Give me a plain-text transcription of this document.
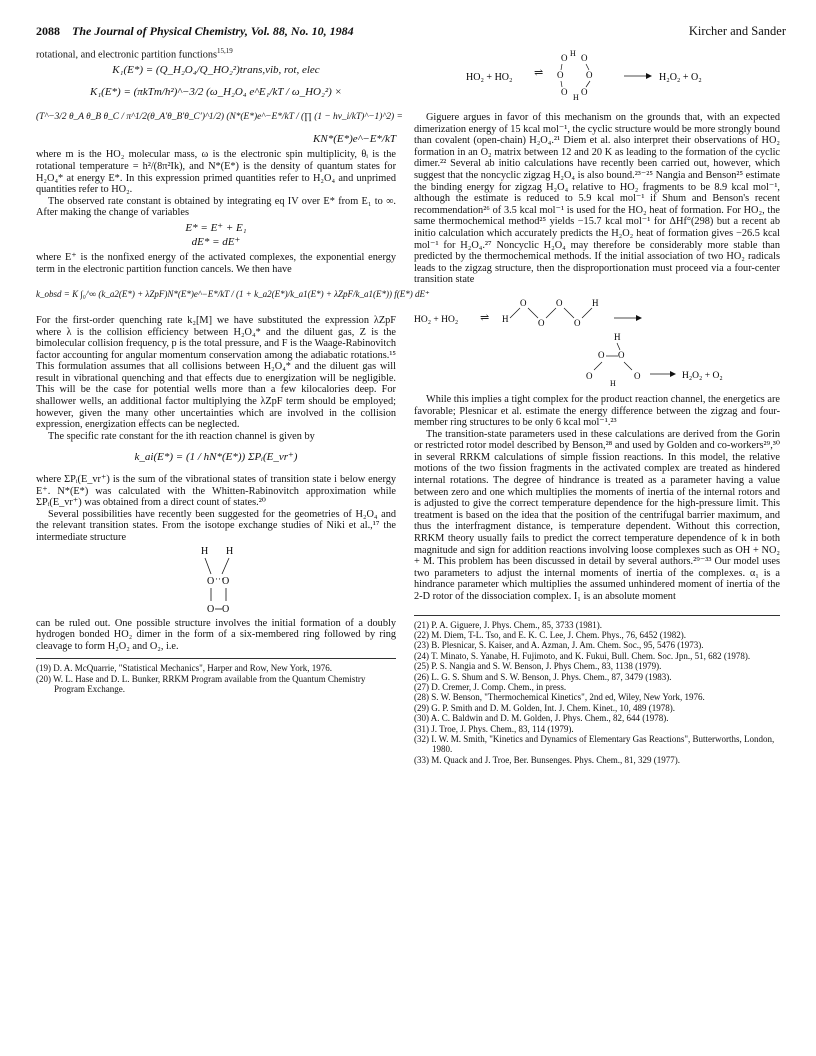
2088 The Journal of Physical Chemistry, Vol. 88, No. 10, 1984	Kircher and Sander

rotational, and electronic partition functions$^{15,19}$

K₁(E*) = (Q_H₂O₄/Q_HO₂²)trans,vib, rot, elec
K₁(E*) = (πkTm/h²)^−3/2 (ω_H₂O₄ e^E₁/kT / ω_HO₂²) ×
(T^−3/2 θ_A θ_B θ_C / π^1/2(θ_A′θ_B′θ_C′)^1/2) (N*(E*)e^−E*/kT / (∏ (1 − hν_i/kT)^−1)^2) =
KN*(E*)e^−E*/kT

where m is the HO₂ molecular mass, ω is the electronic spin multiplicity, θᵢ is the rotational temperature = h²/(8π²Ik), and N*(E*) is the density of quantum states for H₂O₄* at energy E*. In this expression primed quantities refer to H₂O₄ and unprimed quantities refer to HO₂.

The observed rate constant is obtained by integrating eq IV over E* from E₁ to ∞. After making the change of variables

E* = E⁺ + E₁
dE* = dE⁺

where E⁺ is the nonfixed energy of the activated complexes, the exponential energy term in the electronic partition function cancels. We then have

k_obsd = K ∫₀^∞ (k_a2(E*) + λZpF)N*(E*)e^−E*/kT / (1 + k_a2(E*)/k_a1(E*) + λZpF/k_a1(E*)) f(E*) dE⁺

For the first-order quenching rate k₂[M] we have substituted the expression λZpF where λ is the collision efficiency between H₂O₄* and the diluent gas, Z is the bimolecular collision frequency, p is the total pressure, and F is the Waage-Rabinovitch factor accounting for angular momentum conservation among the adiabatic rotations.¹⁵ This formulation assumes that all collisions between H₂O₄* and the diluent gas will result in vibrational quenching and that effects due to energization will be negligible. This will be the case for potential wells more than a few kilocalories deep. For shallower wells, an additional factor multiplying the λZpF term should be employed; however, given the many other uncertainties which are involved in the collision expression, energization effects can be neglected.

The specific rate constant for the ith reaction channel is given by

k_ai(E*) = (1 / hN*(E*)) ΣPᵢ(E_vr⁺)

where ΣPᵢ(E_vr⁺) is the sum of the vibrational states of transition state i below energy E⁺. N*(E*) was calculated with the Whitten-Rabinovitch approximation while ΣPᵢ(E_vr⁺) was obtained from a direct count of states.²⁰

Several possibilities have recently been suggested for the geometries of H₂O₄ and the relevant transition states. From the isotope exchange studies of Niki et al.,¹⁷ the intermediate structure

H H
O ···
O
O O

can be ruled out. One possible structure involves the initial formation of a doubly hydrogen bonded HO₂ dimer in the form of a six-membered ring followed by ring cleavage to form H₂O₂ and O₂, i.e.

(19) D. A. McQuarrie, "Statistical Mechanics", Harper and Row, New York, 1976.
(20) W. L. Hase and D. L. Bunker, RRKM Program available from the Quantum Chemistry Program Exchange.
HO₂ + HO₂ ⇌
O H O
O	O
O
H
O
H₂O₂ + O₂

Giguere argues in favor of this mechanism on the grounds that, with an expected dimerization energy of 15 kcal mol⁻¹, the cyclic structure would be more strongly bound than covalent (open-chain) H₂O₄.²¹ Diem et al. also interpret their observations of HO₂ formation in an O₂ matrix between 12 and 20 K as leading to the formation of the cyclic dimer.²² Several ab initio calculations have recently been carried out, however, which suggest that the noncyclic zigzag H₂O₄ is also bound.²³⁻²⁵ Nangia and Benson²⁵ estimate the binding energy for zigzag H₂O₄ relative to HO₂ fragments to be 8.9 kcal mol⁻¹, although the estimate is reduced to 5.9 kcal mol⁻¹ if Shum and Benson's recent recommendation²⁶ of 3.5 kcal mol⁻¹ is used for the HO₂ heat of formation. For HO₂, the same thermochemical method²⁵ yields −15.7 kcal mol⁻¹ for ΔHf°(298) but a recent ab initio calculation which accurately predicts the H₂O₂ heat of formation gives −26.5 kcal mol⁻¹ for H₂O₄.²⁷ Noncyclic H₂O₄ may therefore be considerably more stable than predicted by the thermochemical methods. If the initial association of two HO₂ radicals leads to the zigzag structure, then the disproportionation must proceed via a four-center transition state

HO₂ + HO₂ ⇌ H
O
O
O
O
H
H
O O
O	O
H
H₂O₂ + O₂

While this implies a tight complex for the product reaction channel, the energetics are favorable; Plesnicar et al. estimate the energy difference between the zigzag and four-member ring structures to be only 6 kcal mol⁻¹.²³

The transition-state parameters used in these calculations are derived from the Gorin or restricted rotor model described by Benson,²⁸ and used by Golden and co-workers²⁹,³⁰ in several RRKM calculations of simple fission reactions. In this model, the relative motions of the two fission fragments in the activated complex are treated as hindered internal rotations. The degree of hindrance is treated as a parameter having a value between zero and one which multiplies the moments of inertia of the internal rotors and is adjusted to give the correct temperature dependence for the high-pressure limit. This treatment is based on the idea that the position of the centrifugal barrier maximum, and thus the interfragment distance, is temperature dependent. Without this correction, RRKM theory usually fails to predict the correct temperature dependence of k in both magnitude and sign for addition reactions involving loose complexes such as OH + NO₂ + M. This problem has been discussed in detail by several authors.²⁹⁻³³ Our model uses two parameters to adjust the internal moments of inertia of the complexes. α₁ is a hindrance parameter which multiplies the assumed unhindered moment of inertia of the 2-D rotor of the dissociation complex. I₁ is an absolute moment

(21) P. A. Giguere, J. Phys. Chem., 85, 3733 (1981).
(22) M. Diem, T-L. Tso, and E. K. C. Lee, J. Chem. Phys., 76, 6452 (1982).
(23) B. Plesnicar, S. Kaiser, and A. Azman, J. Am. Chem. Soc., 95, 5476 (1973).
(24) T. Minato, S. Yanabe, H. Fujimoto, and K. Fukui, Bull. Chem. Soc. Jpn., 51, 682 (1978).
(25) P. S. Nangia and S. W. Benson, J. Phys Chem., 83, 1138 (1979).
(26) L. G. S. Shum and S. W. Benson, J. Phys. Chem., 87, 3479 (1983).
(27) D. Cremer, J. Comp. Chem., in press.
(28) S. W. Benson, "Thermochemical Kinetics", 2nd ed, Wiley, New York, 1976.
(29) G. P. Smith and D. M. Golden, Int. J. Chem. Kinet., 10, 489 (1978).
(30) A. C. Baldwin and D. M. Golden, J. Phys. Chem., 82, 644 (1978).
(31) J. Troe, J. Phys. Chem., 83, 114 (1979).
(32) I. W. M. Smith, "Kinetics and Dynamics of Elementary Gas Reactions", Butterworths, London, 1980.
(33) M. Quack and J. Troe, Ber. Bunsenges. Phys. Chem., 81, 329 (1977).
